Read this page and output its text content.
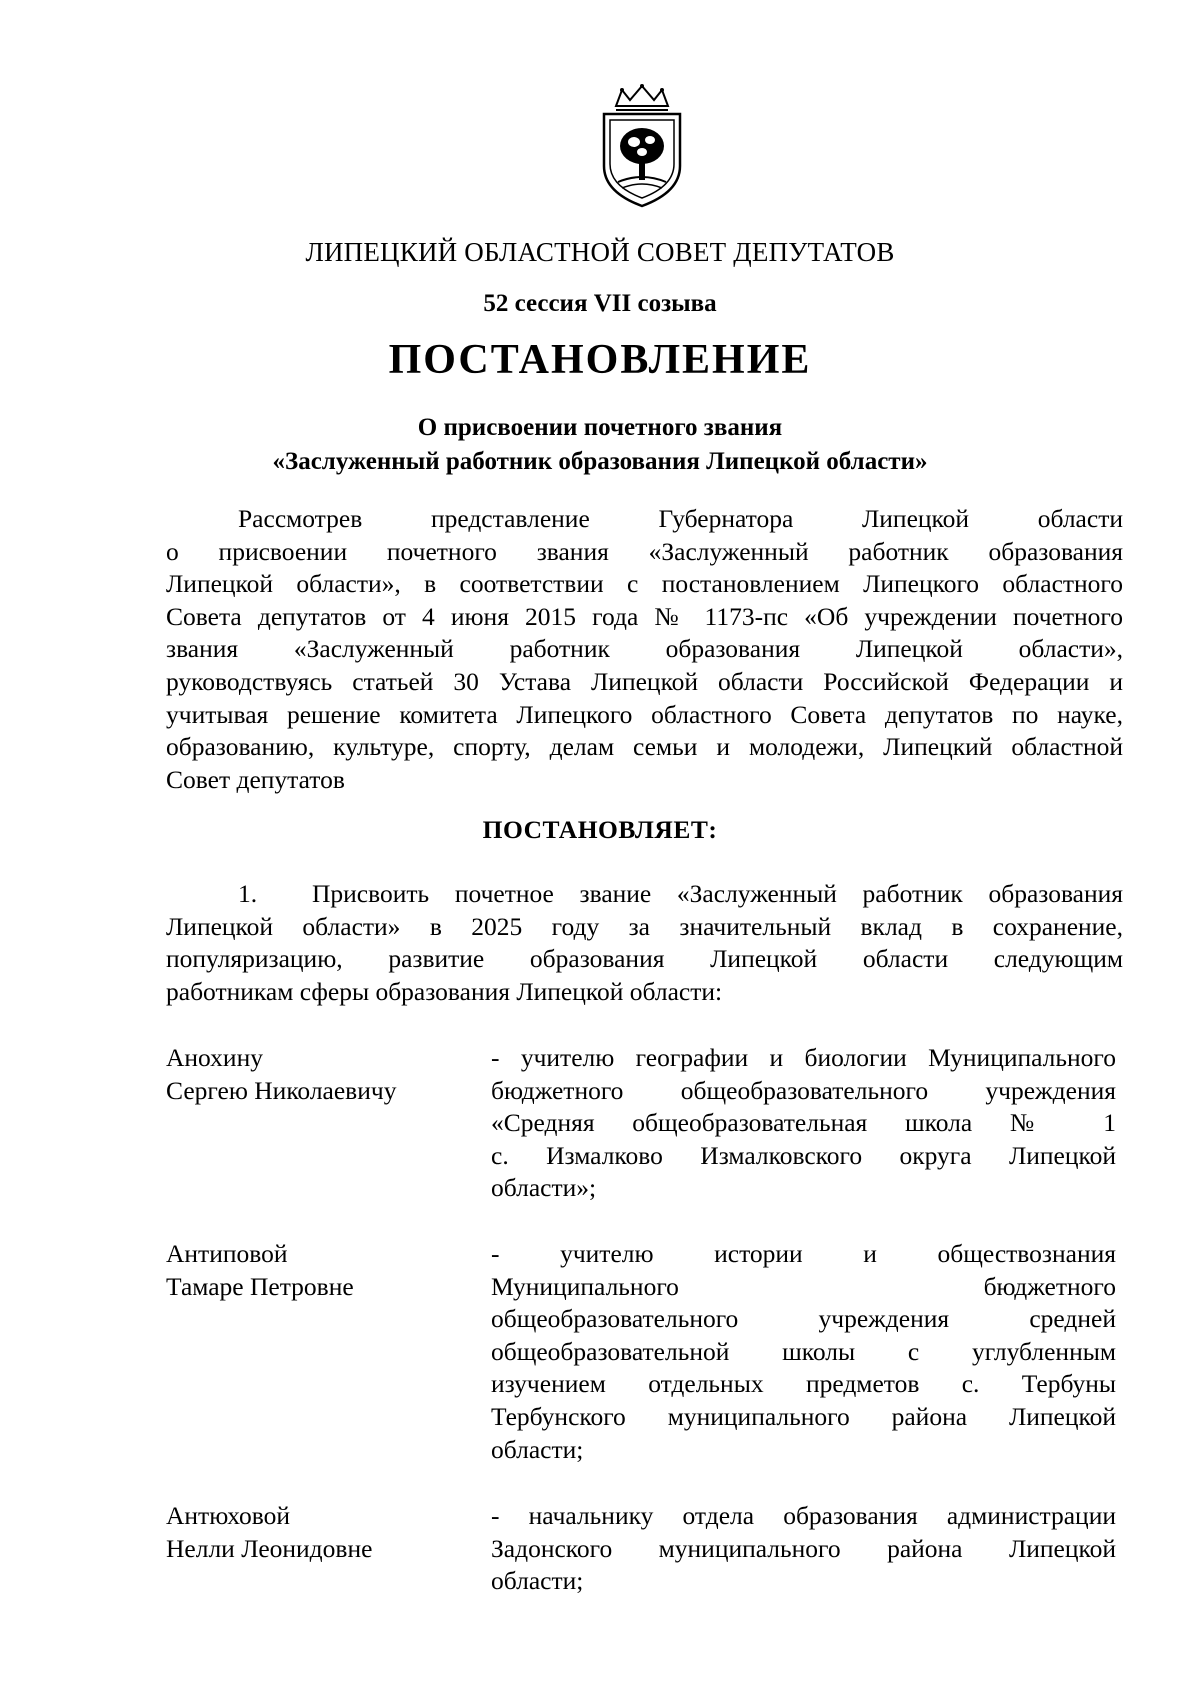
ЛИПЕЦКИЙ ОБЛАСТНОЙ СОВЕТ ДЕПУТАТОВ
52 сессия VII созыва
ПОСТАНОВЛЕНИЕ
О присвоении почетного звания
«Заслуженный работник образования Липецкой области»
Рассмотрев представление Губернатора Липецкой области
о присвоении почетного звания «Заслуженный работник образования
Липецкой области», в соответствии с постановлением Липецкого областного
Совета депутатов от 4 июня 2015 года № 1173-пс «Об учреждении почетного
звания «Заслуженный работник образования Липецкой области»,
руководствуясь статьей 30 Устава Липецкой области Российской Федерации и
учитывая решение комитета Липецкого областного Совета депутатов по науке,
образованию, культуре, спорту, делам семьи и молодежи, Липецкий областной
Совет депутатов
ПОСТАНОВЛЯЕТ:
1. Присвоить почетное звание «Заслуженный работник образования
Липецкой области» в 2025 году за значительный вклад в сохранение,
популяризацию, развитие образования Липецкой области следующим
работникам сферы образования Липецкой области:
Анохину
Сергею Николаевичу
- учителю географии и биологии Муниципального
бюджетного общеобразовательного учреждения
«Средняя общеобразовательная школа № 1
с. Измалково Измалковского округа Липецкой
области»;
Антиповой
Тамаре Петровне
- учителю истории и обществознания
Муниципального бюджетного
общеобразовательного учреждения средней
общеобразовательной школы с углубленным
изучением отдельных предметов с. Тербуны
Тербунского муниципального района Липецкой
области;
Антюховой
Нелли Леонидовне
- начальнику отдела образования администрации
Задонского муниципального района Липецкой
области;
